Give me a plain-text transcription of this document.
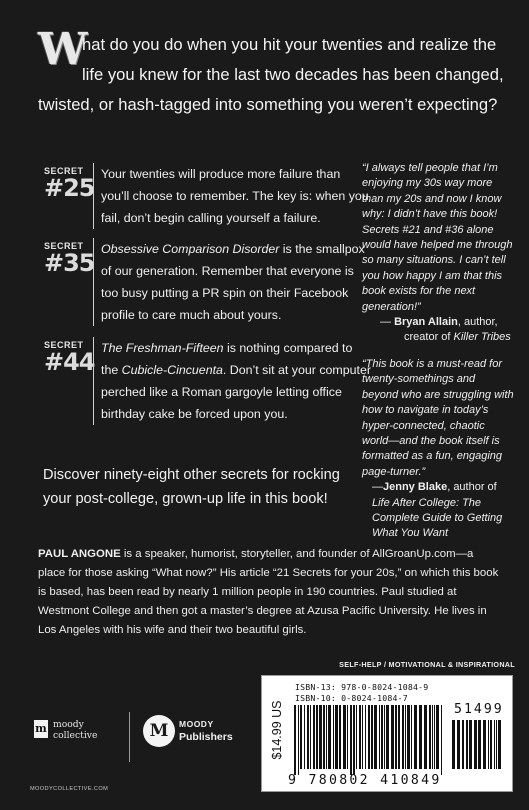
W
hat do you do when you hit your twenties and realize the life you knew for the last two decades has been changed, twisted, or hash-tagged into something you weren’t expecting?
SECRET
#25 Your twenties will produce more failure than you’ll choose to remember. The key is: when you fail, don’t begin calling yourself a failure.
SECRET
#35 Obsessive Comparison Disorder is the smallpox of our generation. Remember that everyone is too busy putting a PR spin on their Facebook profile to care much about yours.
SECRET
#44 The Freshman-Fifteen is nothing compared to the Cubicle-Cincuenta. Don’t sit at your computer perched like a Roman gargoyle letting office birthday cake be forced upon you.
“I always tell people that I’m enjoying my 30s way more than my 20s and now I know why: I didn’t have this book! Secrets #21 and #36 alone would have helped me through so many situations. I can’t tell you how happy I am that this book exists for the next generation!”
— Bryan Allain, author,
creator of Killer Tribes
“This book is a must-read for twenty-somethings and beyond who are struggling with how to navigate in today’s hyper-connected, chaotic world—and the book itself is formatted as a fun, engaging page-turner.”
—Jenny Blake, author of Life After College: The Complete Guide to Getting What You Want
Discover ninety-eight other secrets for rocking your post-college, grown-up life in this book!
PAUL ANGONE is a speaker, humorist, storyteller, and founder of AllGroanUp.com—a place for those asking “What now?” His article “21 Secrets for your 20s,” on which this book is based, has been read by nearly 1 million people in 190 countries. Paul studied at Westmont College and then got a master’s degree at Azusa Pacific University. He lives in Los Angeles with his wife and their two beautiful girls.
SELF-HELP / MOTIVATIONAL & INSPIRATIONAL
m moody
collective	M	MOODY
Publishers
MOODYCOLLECTIVE.COM
$14.99 US
ISBN-13: 978-0-8024-1084-9
ISBN-10: 0-8024-1084-7
51499
9 780802 410849
